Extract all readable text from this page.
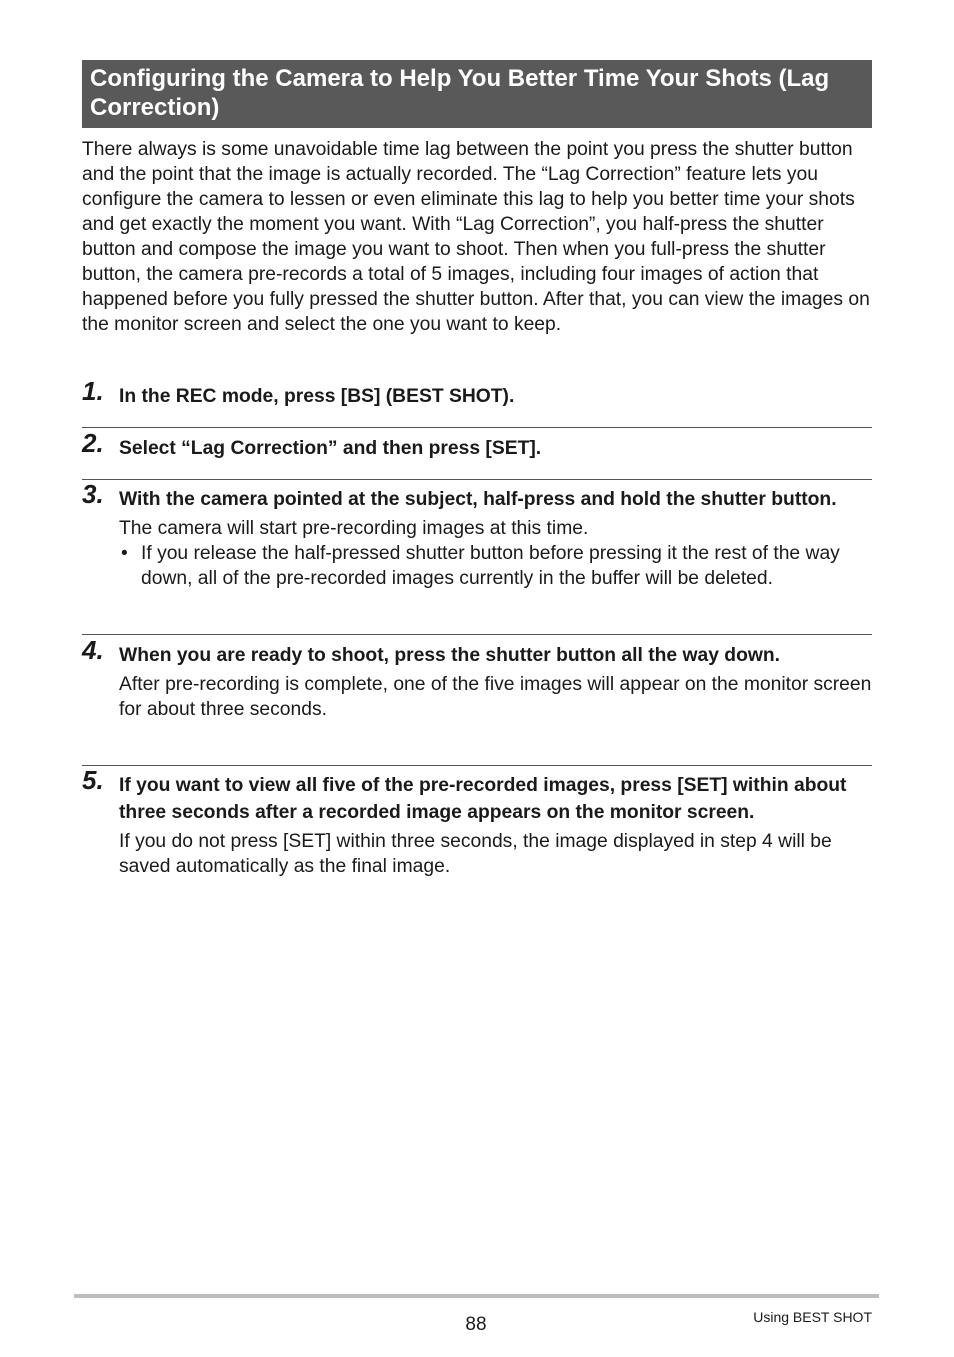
Configuring the Camera to Help You Better Time Your Shots (Lag Correction)

There always is some unavoidable time lag between the point you press the shutter button and the point that the image is actually recorded. The “Lag Correction” feature lets you configure the camera to lessen or even eliminate this lag to help you better time your shots and get exactly the moment you want. With “Lag Correction”, you half-press the shutter button and compose the image you want to shoot. Then when you full-press the shutter button, the camera pre-records a total of 5 images, including four images of action that happened before you fully pressed the shutter button. After that, you can view the images on the monitor screen and select the one you want to keep.

1. In the REC mode, press [BS] (BEST SHOT).

2. Select “Lag Correction” and then press [SET].

3. With the camera pointed at the subject, half-press and hold the shutter button.

The camera will start pre-recording images at this time.

• If you release the half-pressed shutter button before pressing it the rest of the way down, all of the pre-recorded images currently in the buffer will be deleted.
4. When you are ready to shoot, press the shutter button all the way down.

After pre-recording is complete, one of the five images will appear on the monitor screen for about three seconds.

5. If you want to view all five of the pre-recorded images, press [SET] within about three seconds after a recorded image appears on the monitor screen.

If you do not press [SET] within three seconds, the image displayed in step 4 will be saved automatically as the final image.

88	Using BEST SHOT
